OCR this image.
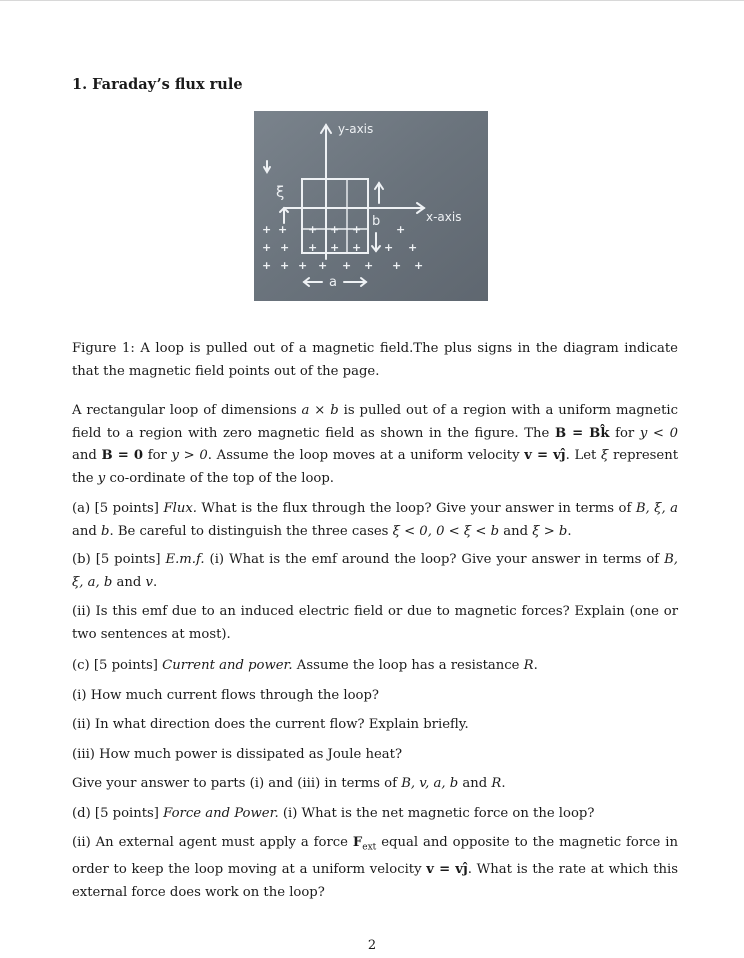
1. Faraday’s flux rule
y-axis
x-axis
ξ
a
b
+ + + + +	+
+ + + + + + +
+ + + + + + + +
Figure 1: A loop is pulled out of a magnetic field.The plus signs in the diagram indicate that the magnetic field points out of the page.
A rectangular loop of dimensions a × b is pulled out of a region with a uniform magnetic field to a region with zero magnetic field as shown in the figure. The B = Bk̂ for y < 0 and B = 0 for y > 0. Assume the loop moves at a uniform velocity v = vĵ. Let ξ represent the y co-ordinate of the top of the loop.
(a) [5 points] Flux. What is the flux through the loop? Give your answer in terms of B, ξ, a and b. Be careful to distinguish the three cases ξ < 0, 0 < ξ < b and ξ > b.
(b) [5 points] E.m.f. (i) What is the emf around the loop? Give your answer in terms of B, ξ, a, b and v.
(ii) Is this emf due to an induced electric field or due to magnetic forces? Explain (one or two sentences at most).
(c) [5 points] Current and power. Assume the loop has a resistance R.
(i) How much current flows through the loop?
(ii) In what direction does the current flow? Explain briefly.
(iii) How much power is dissipated as Joule heat?
Give your answer to parts (i) and (iii) in terms of B, v, a, b and R.
(d) [5 points] Force and Power. (i) What is the net magnetic force on the loop?
(ii) An external agent must apply a force $F_{ext}$ equal and opposite to the magnetic force in order to keep the loop moving at a uniform velocity v = vĵ. What is the rate at which this external force does work on the loop?
2
